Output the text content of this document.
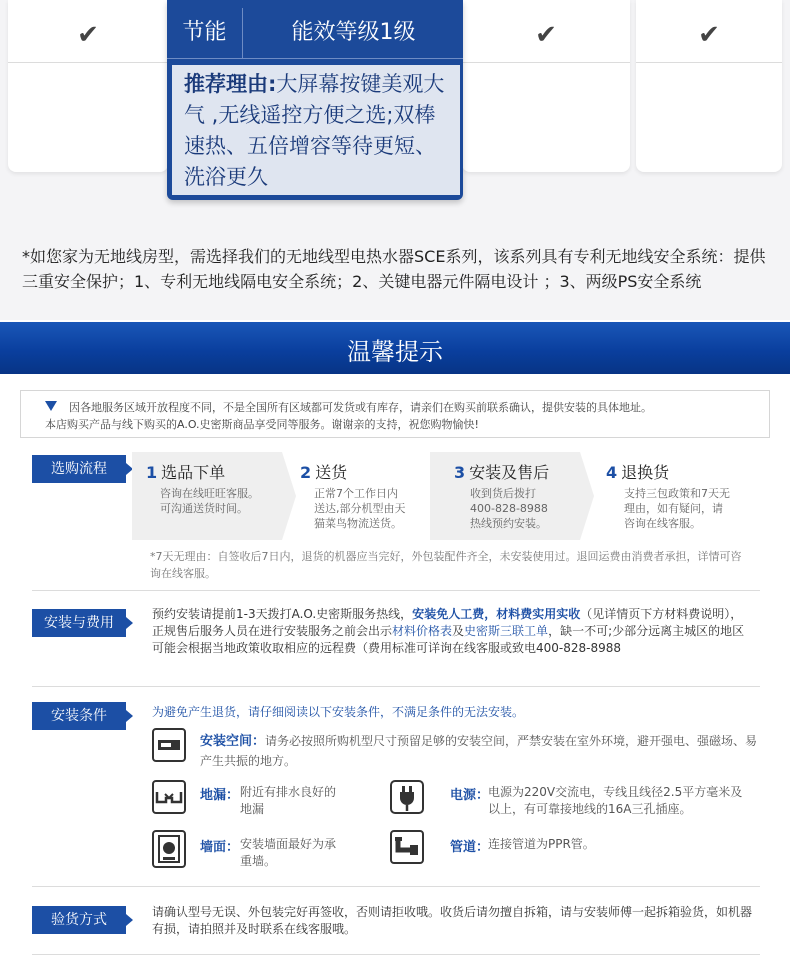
✔	✔	✔
节能	能效等级1级
推荐理由:大屏幕按键美观大气 ,无线遥控方便之选;双棒速热、五倍增容等待更短、洗浴更久
*如您家为无地线房型，需选择我们的无地线型电热水器SCE系列，该系列具有专利无地线安全系统：提供三重安全保护；1、专利无地线隔电安全系统；2、关键电器元件隔电设计 ；3、两级PS安全系统
温馨提示
因各地服务区域开放程度不同，不是全国所有区域都可发货或有库存，请亲们在购买前联系确认，提供安装的具体地址。
本店购买产品与线下购买的A.O.史密斯商品享受同等服务。谢谢亲的支持，祝您购物愉快!
选购流程	1 选品下单
咨询在线旺旺客服。
可沟通送货时间。
2 送货
正常7个工作日内
送达,部分机型由天
猫菜鸟物流送货。
3 安装及售后
收到货后拨打
400-828-8988
热线预约安装。
4 退换货
支持三包政策和7天无
理由，如有疑问，请
咨询在线客服。
*7天无理由：自签收后7日内，退货的机器应当完好，外包装配件齐全，未安装使用过。退回运费由消费者承担，详情可咨询在线客服。
安装与费用
预约安装请提前1-3天拨打A.O.史密斯服务热线，安装免人工费，材料费实用实收（见详情页下方材料费说明），正规售后服务人员在进行安装服务之前会出示材料价格表及史密斯三联工单，缺一不可;少部分远离主城区的地区可能会根据当地政策收取相应的远程费（费用标准可详询在线客服或致电400-828-8988
安装条件	为避免产生退货，请仔细阅读以下安装条件，不满足条件的无法安装。
安装空间：请务必按照所购机型尺寸预留足够的安装空间，严禁安装在室外环境，避开强电、强磁场、易产生共振的地方。
地漏： 附近有排水良好的地漏
电源：
电源为220V交流电，专线且线径2.5平方毫米及以上，有可靠接地线的16A三孔插座。
墙面： 安装墙面最好为承重墙。
管道：
连接管道为PPR管。
验货方式	请确认型号无误、外包装完好再签收，否则请拒收哦。收货后请勿擅自拆箱，请与安装师傅一起拆箱验货，如机器有损，请拍照并及时联系在线客服哦。
